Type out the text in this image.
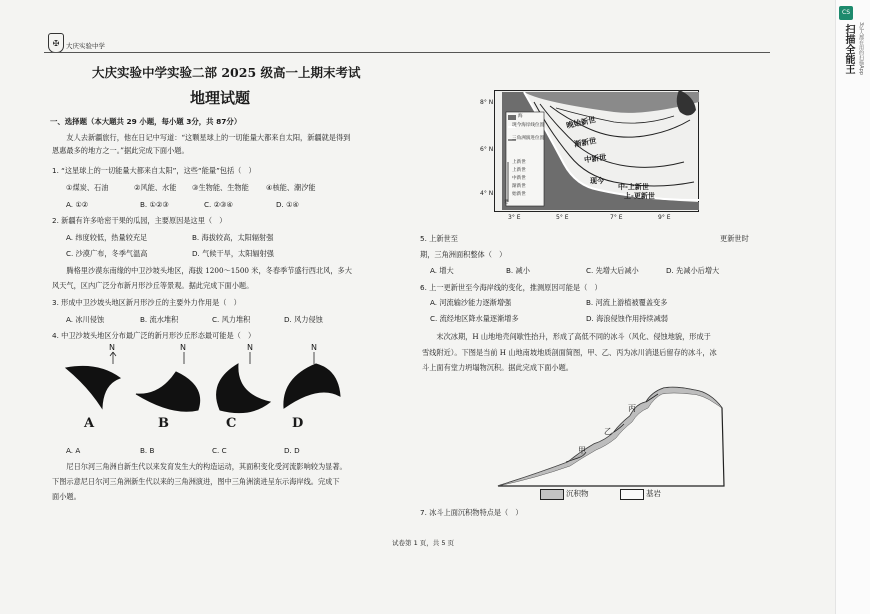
CS
扫描全能王 3亿人都在用的扫描App
✠	大庆实验中学
大庆实验中学实验二部 2025 级高一上期末考试
地理试题
一、选择题（本大题共 29 小题，每小题 3分，共 87分）
　　友人去新疆旅行，他在日记中写道：“这颗星球上的一切能量大都来自太阳，新疆就是得到
恩惠最多的地方之一。”据此完成下面小题。
1. “这星球上的一切能量大都来自太阳”，这些“能量”包括（　）
①煤炭、石油	②风能、水能 ③生物能、生物能 ④核能、潮汐能
A. ①②	B. ①②③	C. ②③④	D. ①④
2. 新疆有许多哈密干果的瓜园，主要原因是这里（　）
A. 纬度较低，热量较充足	B. 海拔较高，太阳辐射强
C. 沙漠广布，冬季气温高	D. 气候干旱，太阳辐射强
　　腾格里沙漠东南缘的中卫沙坡头地区，海拔 1200～1500 米，冬春季节盛行西北风，多大
风天气，区内广泛分布新月形沙丘等景观。据此完成下面小题。
3. 形成中卫沙坡头地区新月形沙丘的主要外力作用是（　）
A. 冰川侵蚀	B. 流水堆积	C. 风力堆积	D. 风力侵蚀
4. 中卫沙坡头地区分布最广泛的新月形沙丘形态最可能是（　）
N	N	N	N
A	B	C	D
A. A	B. B	C. C	D. D
　　尼日尔河三角洲自新生代以来发育发生大的构造运动，其面积变化受河流影响较为显著。
下图示意尼日尔河三角洲新生代以来的三角洲演进，图中三角洲演进呈东示海岸线。完成下
面小题。
8° N
6° N
4° N
3° E	5° E	7° E	9° E
海
现今海岸线位置
三角洲演进位置
上新世
上新世
中新世
渐新世
始新世
老
晚始新世
渐新世
中新世
现今
中-上新世
上-更新世
5. 上新世至	更新世时
期，三角洲面积整体（　）
A. 增大	B. 减小	C. 先增大后减小	D. 先减小后增大
6. 上一更新世至今海岸线的变化，推测原因可能是（　）
A. 河流输沙能力逐渐增强	B. 河流上游植被覆盖变多
C. 流经地区降水量逐渐增多	D. 海浪侵蚀作用持续减弱
　　末次冰期，H 山地地壳间歇性抬升，形成了高低不同的冰斗（风化、侵蚀地貌，形成于
雪线附近）。下图是当前 H 山地南坡地质剖面简图，甲、乙、丙为冰川消退后留存的冰斗，冰
斗上面有堂力坍塌物沉积。据此完成下面小题。
丙
乙
甲
沉积物	基岩
7. 冰斗上面沉积物特点是（　）
试卷第 1 页，共 5 页
